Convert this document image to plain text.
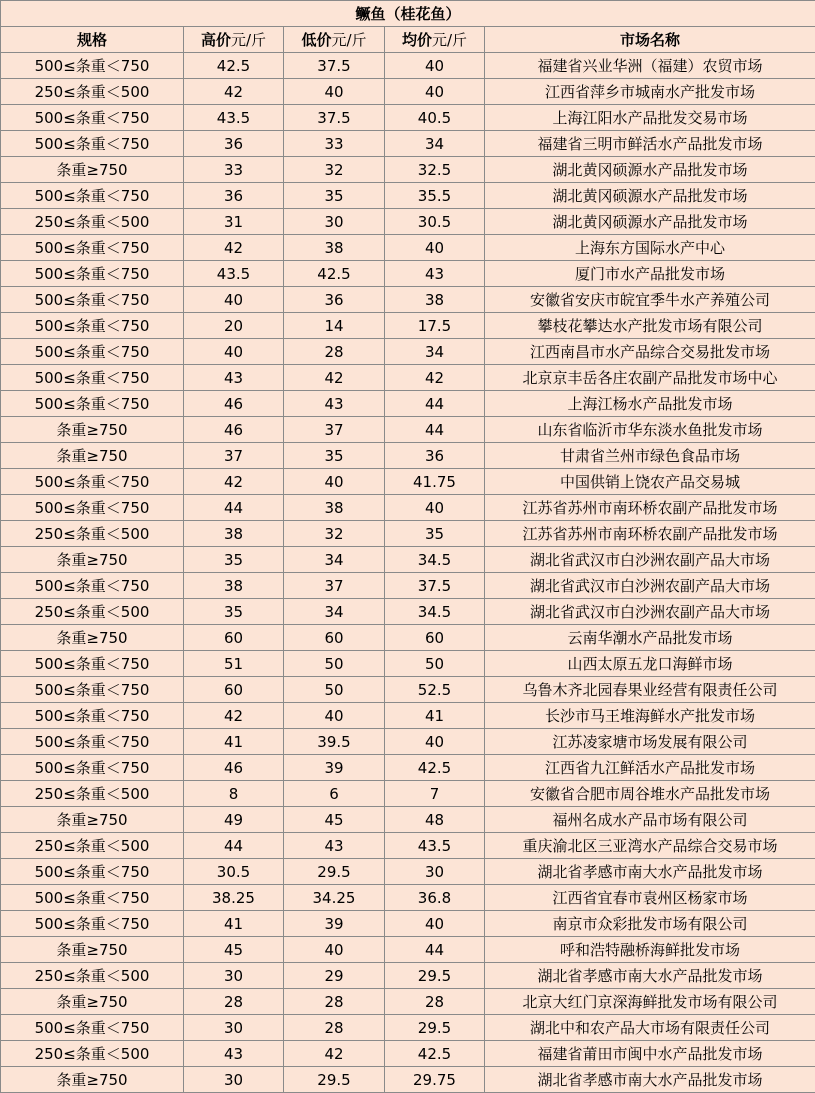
鳜鱼（桂花鱼）				
规格	高价元/斤	低价元/斤	均价元/斤	市场名称
500≤条重＜750	42.5	37.5	40	福建省兴业华洲（福建）农贸市场
250≤条重＜500	42	40	40	江西省萍乡市城南水产批发市场
500≤条重＜750	43.5	37.5	40.5	上海江阳水产品批发交易市场
500≤条重＜750	36	33	34	福建省三明市鲜活水产品批发市场
条重≥750	33	32	32.5	湖北黄冈硕源水产品批发市场
500≤条重＜750	36	35	35.5	湖北黄冈硕源水产品批发市场
250≤条重＜500	31	30	30.5	湖北黄冈硕源水产品批发市场
500≤条重＜750	42	38	40	上海东方国际水产中心
500≤条重＜750	43.5	42.5	43	厦门市水产品批发市场
500≤条重＜750	40	36	38	安徽省安庆市皖宜季牛水产养殖公司
500≤条重＜750	20	14	17.5	攀枝花攀达水产批发市场有限公司
500≤条重＜750	40	28	34	江西南昌市水产品综合交易批发市场
500≤条重＜750	43	42	42	北京京丰岳各庄农副产品批发市场中心
500≤条重＜750	46	43	44	上海江杨水产品批发市场
条重≥750	46	37	44	山东省临沂市华东淡水鱼批发市场
条重≥750	37	35	36	甘肃省兰州市绿色食品市场
500≤条重＜750	42	40	41.75	中国供销上饶农产品交易城
500≤条重＜750	44	38	40	江苏省苏州市南环桥农副产品批发市场
250≤条重＜500	38	32	35	江苏省苏州市南环桥农副产品批发市场
条重≥750	35	34	34.5	湖北省武汉市白沙洲农副产品大市场
500≤条重＜750	38	37	37.5	湖北省武汉市白沙洲农副产品大市场
250≤条重＜500	35	34	34.5	湖北省武汉市白沙洲农副产品大市场
条重≥750	60	60	60	云南华潮水产品批发市场
500≤条重＜750	51	50	50	山西太原五龙口海鲜市场
500≤条重＜750	60	50	52.5	乌鲁木齐北园春果业经营有限责任公司
500≤条重＜750	42	40	41	长沙市马王堆海鲜水产批发市场
500≤条重＜750	41	39.5	40	江苏凌家塘市场发展有限公司
500≤条重＜750	46	39	42.5	江西省九江鲜活水产品批发市场
250≤条重＜500	8	6	7	安徽省合肥市周谷堆水产品批发市场
条重≥750	49	45	48	福州名成水产品市场有限公司
250≤条重＜500	44	43	43.5	重庆渝北区三亚湾水产品综合交易市场
500≤条重＜750	30.5	29.5	30	湖北省孝感市南大水产品批发市场
500≤条重＜750	38.25	34.25	36.8	江西省宜春市袁州区杨家市场
500≤条重＜750	41	39	40	南京市众彩批发市场有限公司
条重≥750	45	40	44	呼和浩特融桥海鲜批发市场
250≤条重＜500	30	29	29.5	湖北省孝感市南大水产品批发市场
条重≥750	28	28	28	北京大红门京深海鲜批发市场有限公司
500≤条重＜750	30	28	29.5	湖北中和农产品大市场有限责任公司
250≤条重＜500	43	42	42.5	福建省莆田市闽中水产品批发市场
条重≥750	30	29.5	29.75	湖北省孝感市南大水产品批发市场
